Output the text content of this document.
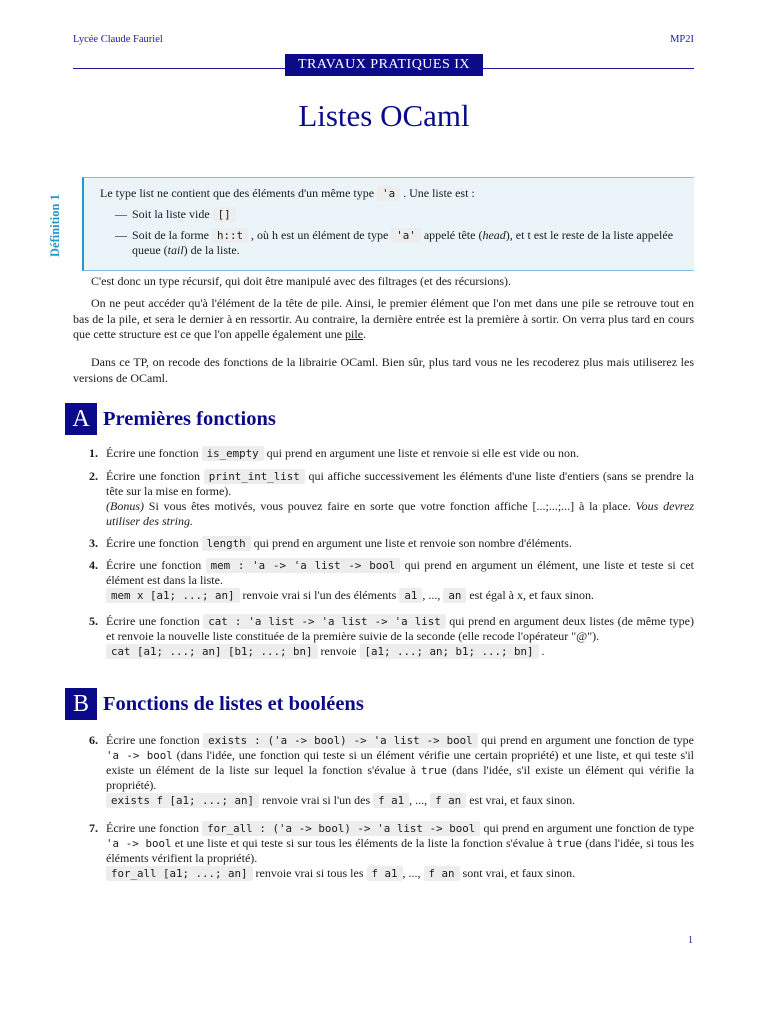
Lycée Claude Fauriel	MP2I
TRAVAUX PRATIQUES IX
Listes OCaml
Définition 1

Le type list ne contient que des éléments d'un même type 'a . Une liste est :

— Soit la liste vide []
— Soit de la forme h::t , où h est un élément de type 'a' appelé tête (head), et t est le reste de la liste appelée queue (tail) de la liste.
C'est donc un type récursif, qui doit être manipulé avec des filtrages (et des récursions).
On ne peut accéder qu'à l'élément de la tête de pile. Ainsi, le premier élément que l'on met dans une pile se retrouve tout en bas de la pile, et sera le dernier à en ressortir. Au contraire, la dernière entrée est la première à sortir. On verra plus tard en cours que cette structure est ce que l'on appelle également une pile.
Dans ce TP, on recode des fonctions de la librairie OCaml. Bien sûr, plus tard vous ne les recoderez plus mais utiliserez les versions de OCaml.
A Premières fonctions
1. Écrire une fonction is_empty qui prend en argument une liste et renvoie si elle est vide ou non.
2. Écrire une fonction print_int_list qui affiche successivement les éléments d'une liste d'entiers (sans se prendre la tête sur la mise en forme).

(Bonus) Si vous êtes motivés, vous pouvez faire en sorte que votre fonction affiche [...;...;...] à la place. Vous devrez utiliser des string.

3. Écrire une fonction length qui prend en argument une liste et renvoie son nombre d'éléments.
4. Écrire une fonction mem : 'a -> 'a list -> bool qui prend en argument un élément, une liste et teste si cet élément est dans la liste.

mem x [a1; ...; an] renvoie vrai si l'un des éléments a1 , ..., an est égal à x, et faux sinon.

5. Écrire une fonction cat : 'a list -> 'a list -> 'a list qui prend en argument deux listes (de même type) et renvoie la nouvelle liste constituée de la première suivie de la seconde (elle recode l'opérateur "@").

cat [a1; ...; an] [b1; ...; bn] renvoie [a1; ...; an; b1; ...; bn] .

B Fonctions de listes et booléens
6. Écrire une fonction exists : ('a -> bool) -> 'a list -> bool qui prend en argument une fonction de type 'a -> bool (dans l'idée, une fonction qui teste si un élément vérifie une certain propriété) et une liste, et qui teste s'il existe un élément de la liste sur lequel la fonction s'évalue à true (dans l'idée, s'il existe un élément qui vérifie la propriété).

exists f [a1; ...; an] renvoie vrai si l'un des f a1 , ..., f an est vrai, et faux sinon.

7. Écrire une fonction for_all : ('a -> bool) -> 'a list -> bool qui prend en argument une fonction de type 'a -> bool et une liste et qui teste si sur tous les éléments de la liste la fonction s'évalue à true (dans l'idée, si tous les éléments vérifient la propriété).

for_all [a1; ...; an] renvoie vrai si tous les f a1 , ..., f an sont vrai, et faux sinon.

1
